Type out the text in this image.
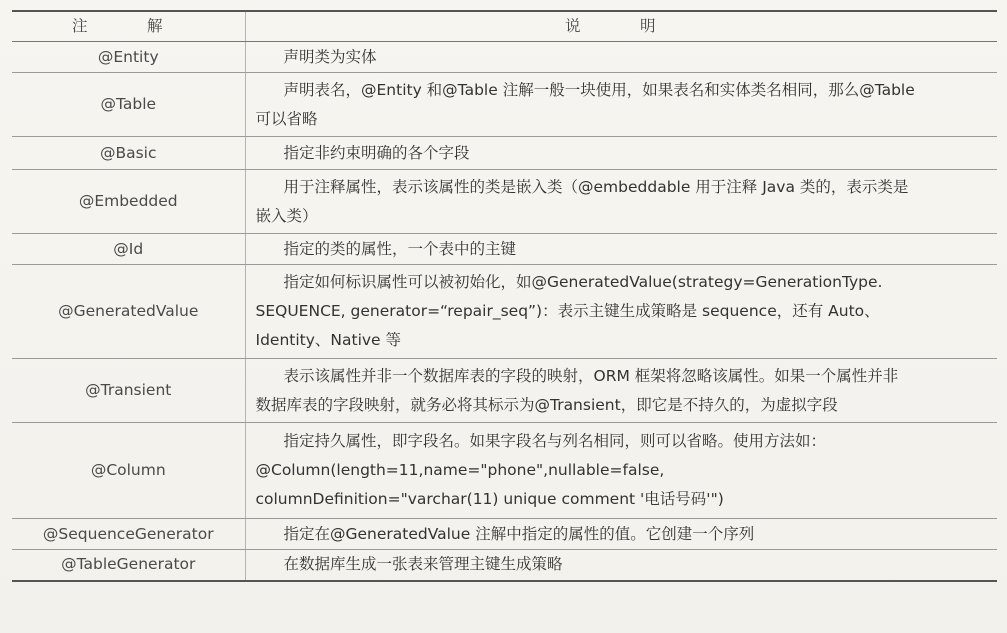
注　解	说　明
@Entity	声明类为实体

@Table	声明表名，@Entity 和@Table 注解一般一块使用，如果表名和实体类名相同，那么@Table
可以省略

@Basic	指定非约束明确的各个字段

@Embedded	用于注释属性，表示该属性的类是嵌入类（@embeddable 用于注释 Java 类的，表示类是
嵌入类）

@Id	指定的类的属性，一个表中的主键

@GeneratedValue	指定如何标识属性可以被初始化，如@GeneratedValue(strategy=GenerationType.
SEQUENCE, generator=“repair_seq”)：表示主键生成策略是 sequence，还有 Auto、
Identity、Native 等

@Transient	表示该属性并非一个数据库表的字段的映射，ORM 框架将忽略该属性。如果一个属性并非
数据库表的字段映射，就务必将其标示为@Transient，即它是不持久的，为虚拟字段

@Column	指定持久属性，即字段名。如果字段名与列名相同，则可以省略。使用方法如：
@Column(length=11,name="phone",nullable=false,
columnDefinition="varchar(11) unique comment '电话号码'")

@SequenceGenerator	指定在@GeneratedValue 注解中指定的属性的值。它创建一个序列

@TableGenerator	在数据库生成一张表来管理主键生成策略
